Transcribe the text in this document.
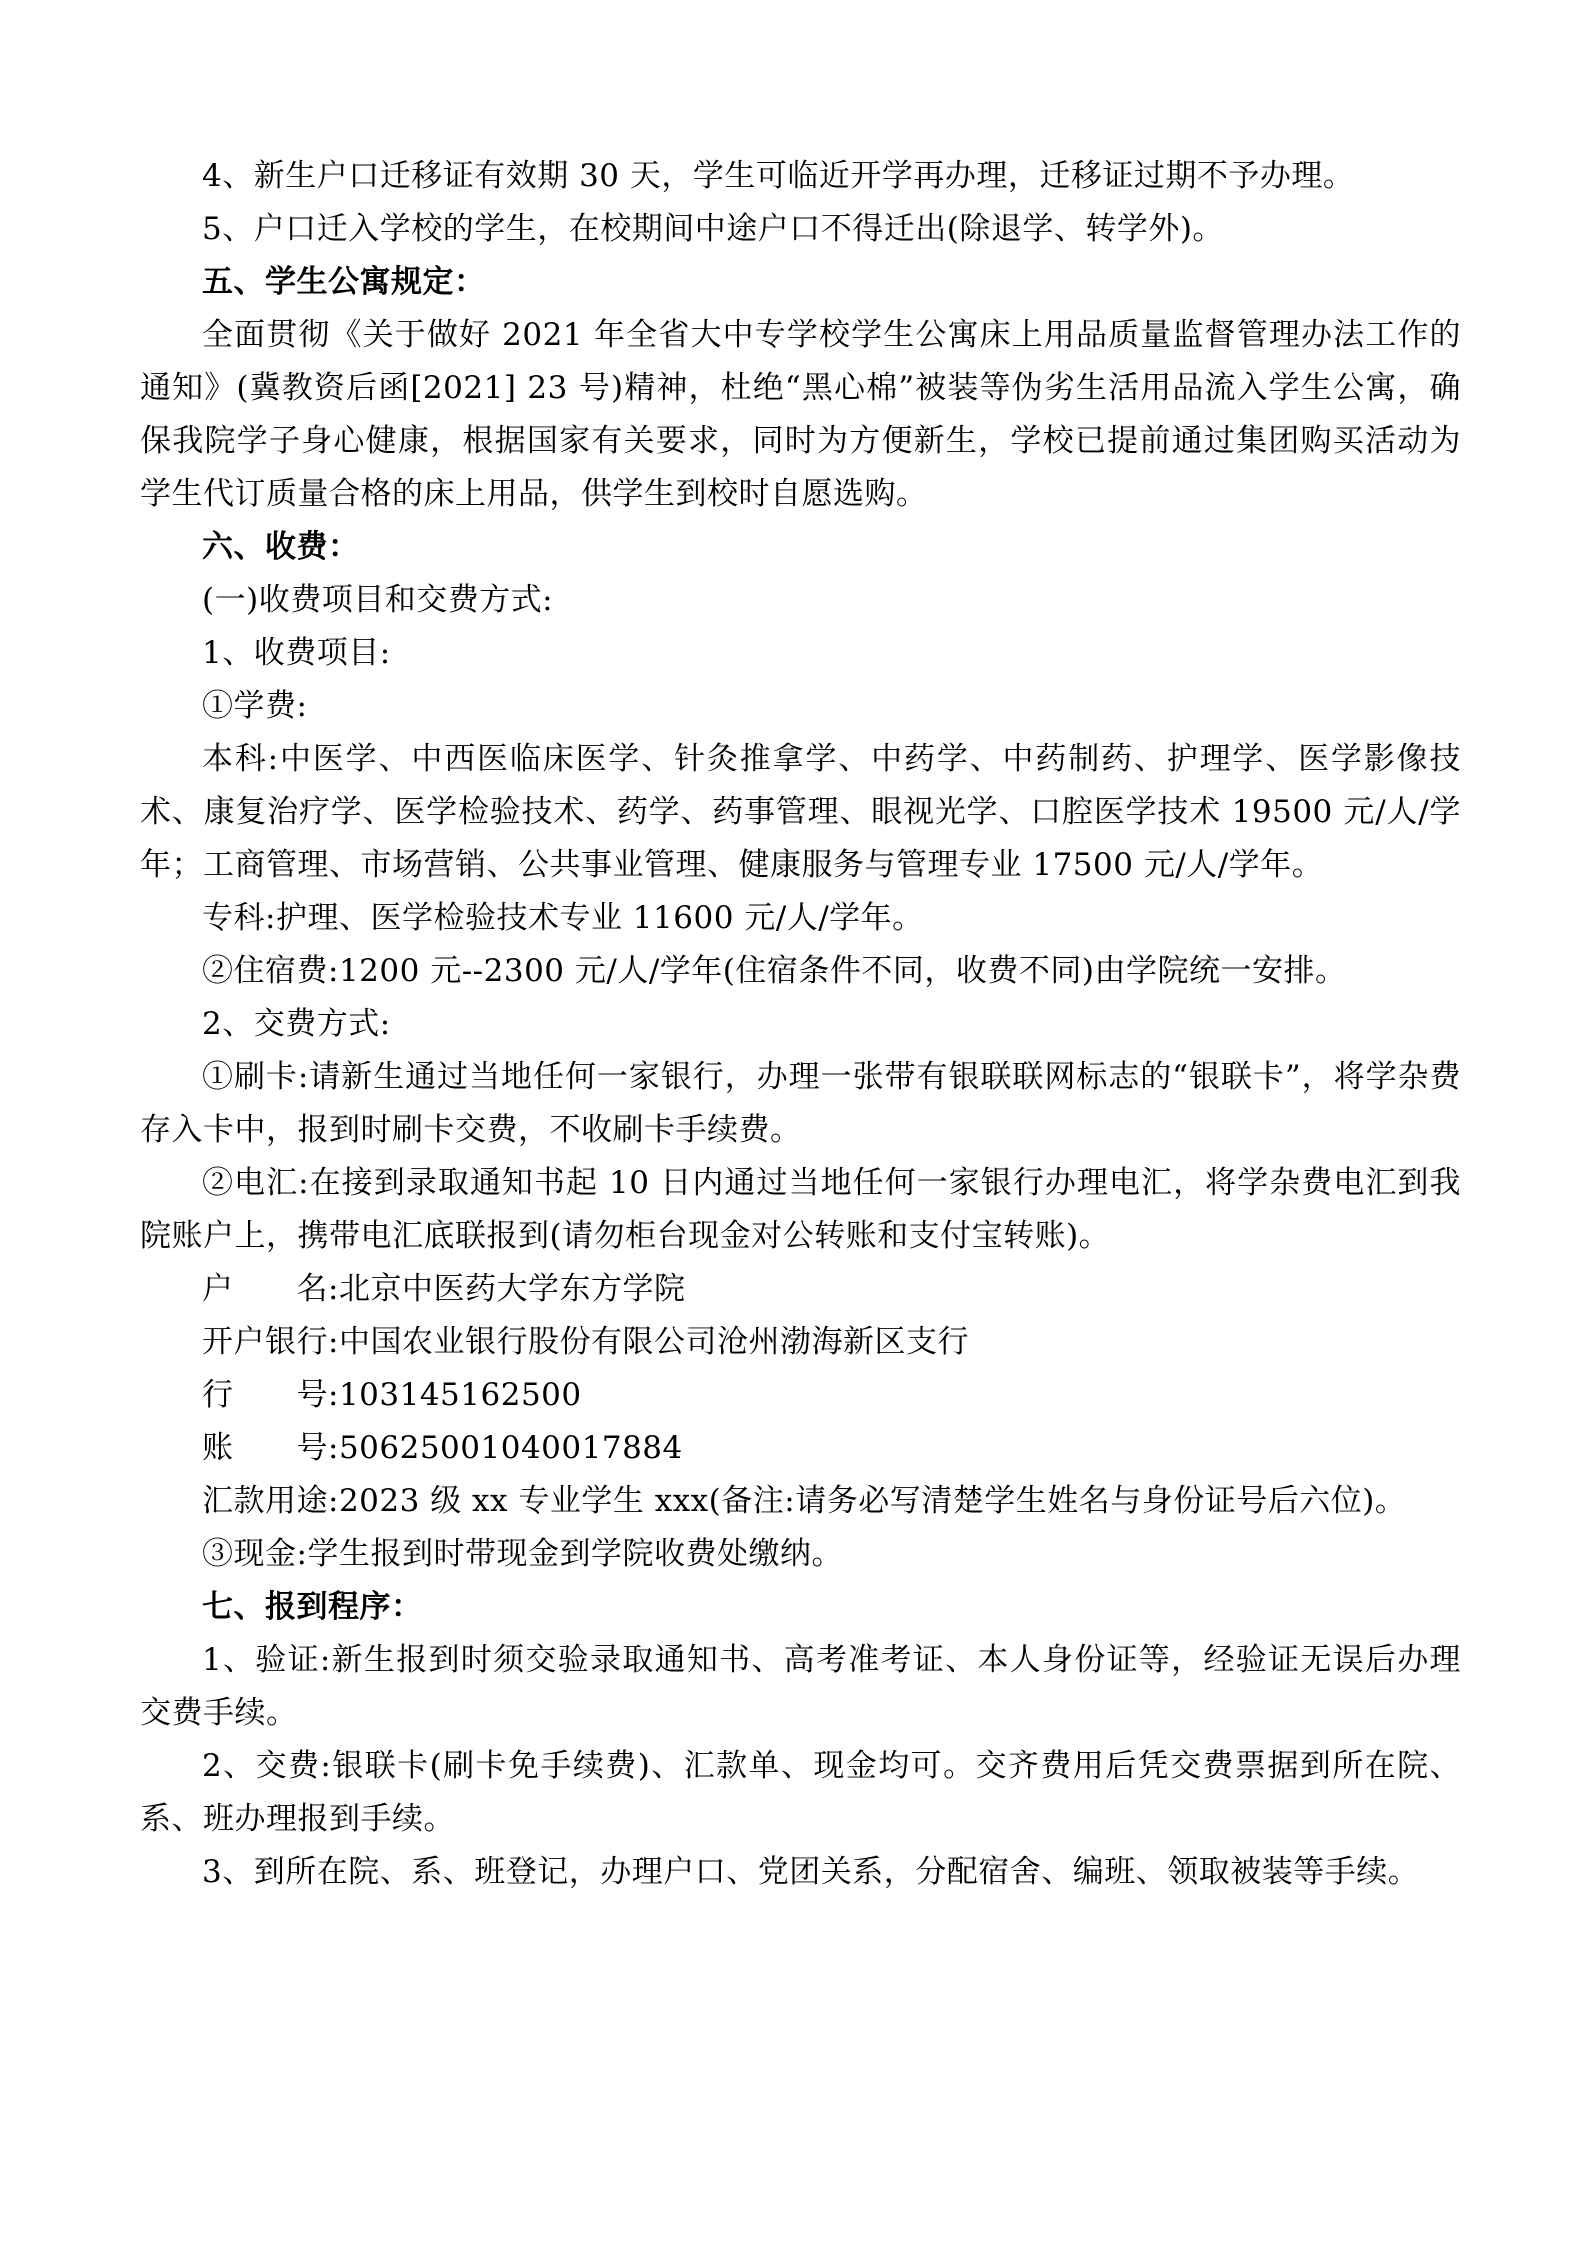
4、新生户口迁移证有效期 30 天，学生可临近开学再办理，迁移证过期不予办理。

5、户口迁入学校的学生，在校期间中途户口不得迁出(除退学、转学外)。

五、学生公寓规定：

全面贯彻《关于做好 2021 年全省大中专学校学生公寓床上用品质量监督管理办法工作的通知》(冀教资后函[2021] 23 号)精神，杜绝“黑心棉”被装等伪劣生活用品流入学生公寓，确保我院学子身心健康，根据国家有关要求，同时为方便新生，学校已提前通过集团购买活动为学生代订质量合格的床上用品，供学生到校时自愿选购。

六、收费：

(一)收费项目和交费方式:

1、收费项目:

①学费:

本科:中医学、中西医临床医学、针灸推拿学、中药学、中药制药、护理学、医学影像技术、康复治疗学、医学检验技术、药学、药事管理、眼视光学、口腔医学技术 19500 元/人/学年；工商管理、市场营销、公共事业管理、健康服务与管理专业 17500 元/人/学年。

专科:护理、医学检验技术专业 11600 元/人/学年。

②住宿费:1200 元--2300 元/人/学年(住宿条件不同，收费不同)由学院统一安排。

2、交费方式:

①刷卡:请新生通过当地任何一家银行，办理一张带有银联联网标志的“银联卡”，将学杂费存入卡中，报到时刷卡交费，不收刷卡手续费。

②电汇:在接到录取通知书起 10 日内通过当地任何一家银行办理电汇，将学杂费电汇到我院账户上，携带电汇底联报到(请勿柜台现金对公转账和支付宝转账)。

户　　名:北京中医药大学东方学院

开户银行:中国农业银行股份有限公司沧州渤海新区支行

行　　号:103145162500

账　　号:50625001040017884

汇款用途:2023 级 xx 专业学生 xxx(备注:请务必写清楚学生姓名与身份证号后六位)。

③现金:学生报到时带现金到学院收费处缴纳。

七、报到程序：

1、验证:新生报到时须交验录取通知书、高考准考证、本人身份证等，经验证无误后办理交费手续。

2、交费:银联卡(刷卡免手续费)、汇款单、现金均可。交齐费用后凭交费票据到所在院、系、班办理报到手续。

3、到所在院、系、班登记，办理户口、党团关系，分配宿舍、编班、领取被装等手续。
